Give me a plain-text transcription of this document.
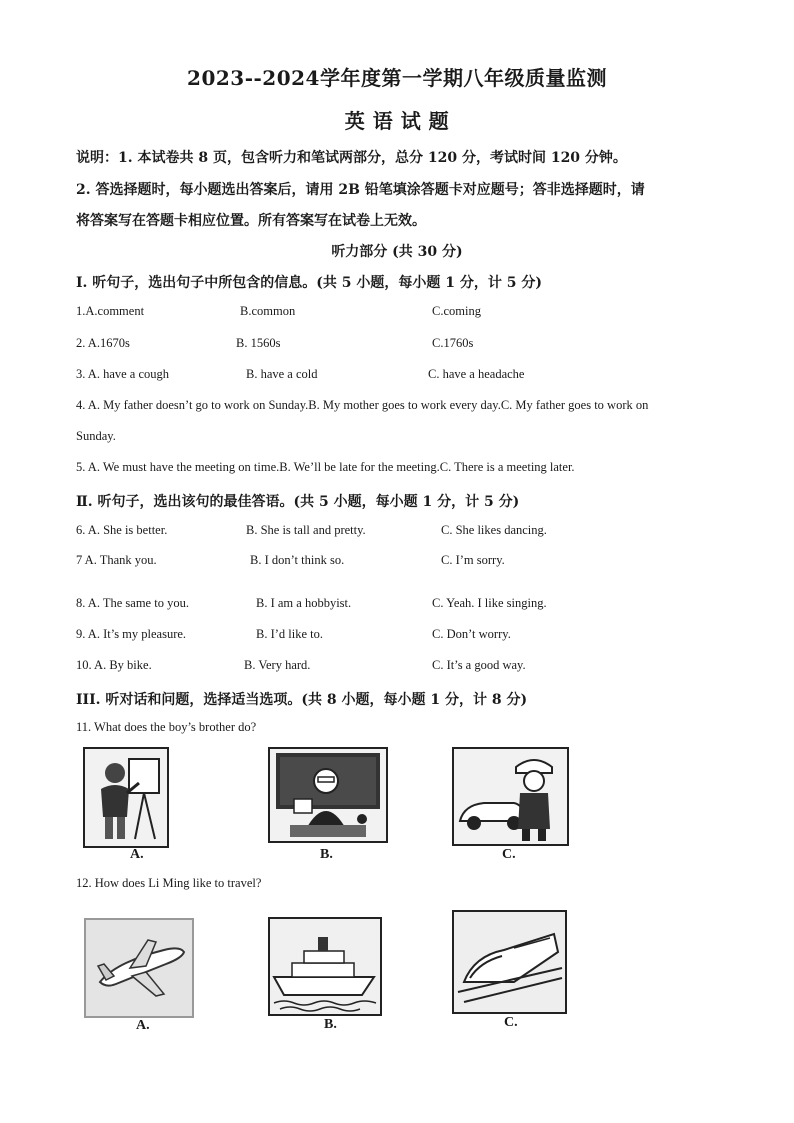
2023--2024学年度第一学期八年级质量监测
英 语 试 题
说明：1. 本试卷共 8 页，包含听力和笔试两部分，总分 120 分，考试时间 120 分钟。
2. 答选择题时，每小题选出答案后，请用 2B 铅笔填涂答题卡对应题号；答非选择题时，请
将答案写在答题卡相应位置。所有答案写在试卷上无效。
听力部分 (共 30 分)
I. 听句子，选出句子中所包含的信息。(共 5 小题，每小题 1 分，计 5 分)
1.A.comment	B.common	C.coming
2. A.1670s	B. 1560s	C.1760s
3. A. have a cough	B. have a cold	C. have a headache
4. A. My father doesn’t go to work on Sunday.B. My mother goes to work every day.C. My father goes to work on
Sunday.
5. A. We must have the meeting on time.B. We’ll be late for the meeting.C. There is a meeting later.
Ⅱ. 听句子，选出该句的最佳答语。(共 5 小题，每小题 1 分，计 5 分)
6. A. She is better.	B. She is tall and pretty.	C. She likes dancing.
7 A. Thank you.	B. I don’t think so.	C. I’m sorry.
8. A. The same to you.	B. I am a hobbyist.	C. Yeah. I like singing.
9. A. It’s my pleasure.	B. I’d like to.	C. Don’t worry.
10. A. By bike.	B. Very hard.	C. It’s a good way.
III. 听对话和问题，选择适当选项。(共 8 小题，每小题 1 分，计 8 分)
11. What does the boy’s brother do?
A.	B.	C.
12. How does Li Ming like to travel?
A.	B.	C.
